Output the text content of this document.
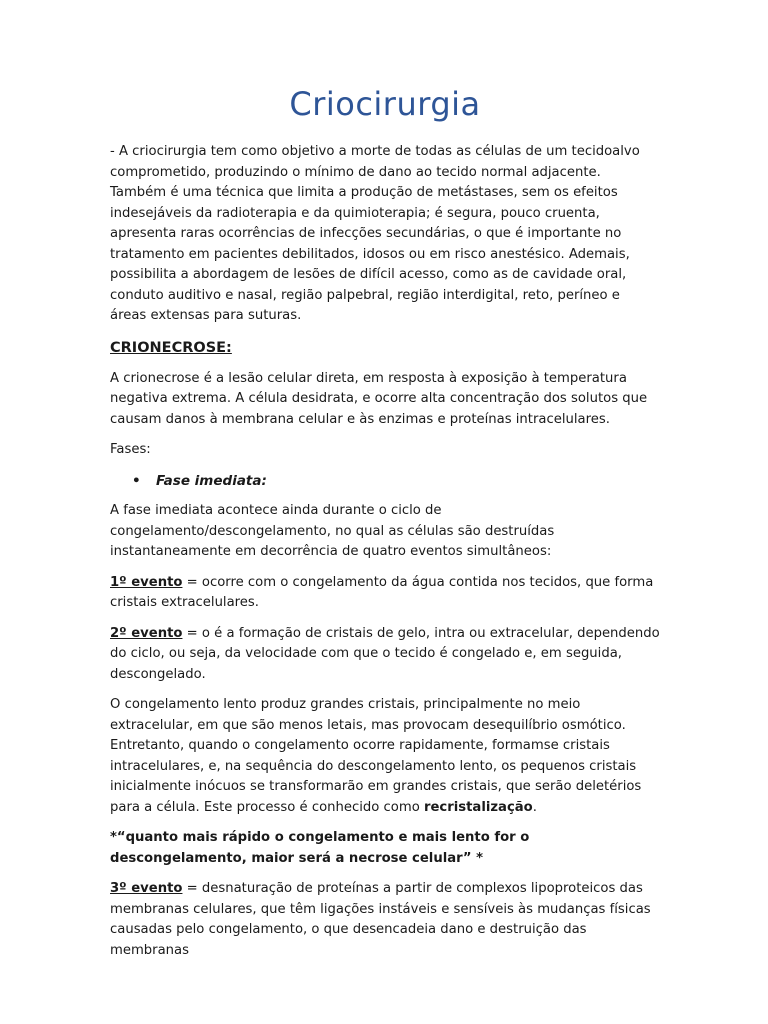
Criocirurgia

- A criocirurgia tem como objetivo a morte de todas as células de um tecidoalvo comprometido, produzindo o mínimo de dano ao tecido normal adjacente. Também é uma técnica que limita a produção de metástases, sem os efeitos indesejáveis da radioterapia e da quimioterapia; é segura, pouco cruenta, apresenta raras ocorrências de infecções secundárias, o que é importante no tratamento em pacientes debilitados, idosos ou em risco anestésico. Ademais, possibilita a abordagem de lesões de difícil acesso, como as de cavidade oral, conduto auditivo e nasal, região palpebral, região interdigital, reto, períneo e áreas extensas para suturas.

CRIONECROSE:

A crionecrose é a lesão celular direta, em resposta à exposição à temperatura negativa extrema. A célula desidrata, e ocorre alta concentração dos solutos que causam danos à membrana celular e às enzimas e proteínas intracelulares.

Fases:

• Fase imediata:

A fase imediata acontece ainda durante o ciclo de congelamento/descongelamento, no qual as células são destruídas instantaneamente em decorrência de quatro eventos simultâneos:

1º evento = ocorre com o congelamento da água contida nos tecidos, que forma cristais extracelulares.

2º evento = o é a formação de cristais de gelo, intra ou extracelular, dependendo do ciclo, ou seja, da velocidade com que o tecido é congelado e, em seguida, descongelado.

O congelamento lento produz grandes cristais, principalmente no meio extracelular, em que são menos letais, mas provocam desequilíbrio osmótico. Entretanto, quando o congelamento ocorre rapidamente, formamse cristais intracelulares, e, na sequência do descongelamento lento, os pequenos cristais inicialmente inócuos se transformarão em grandes cristais, que serão deletérios para a célula. Este processo é conhecido como recristalização.

*“quanto mais rápido o congelamento e mais lento for o descongelamento, maior será a necrose celular” *

3º evento = desnaturação de proteínas a partir de complexos lipoproteicos das membranas celulares, que têm ligações instáveis e sensíveis às mudanças físicas causadas pelo congelamento, o que desencadeia dano e destruição das membranas
